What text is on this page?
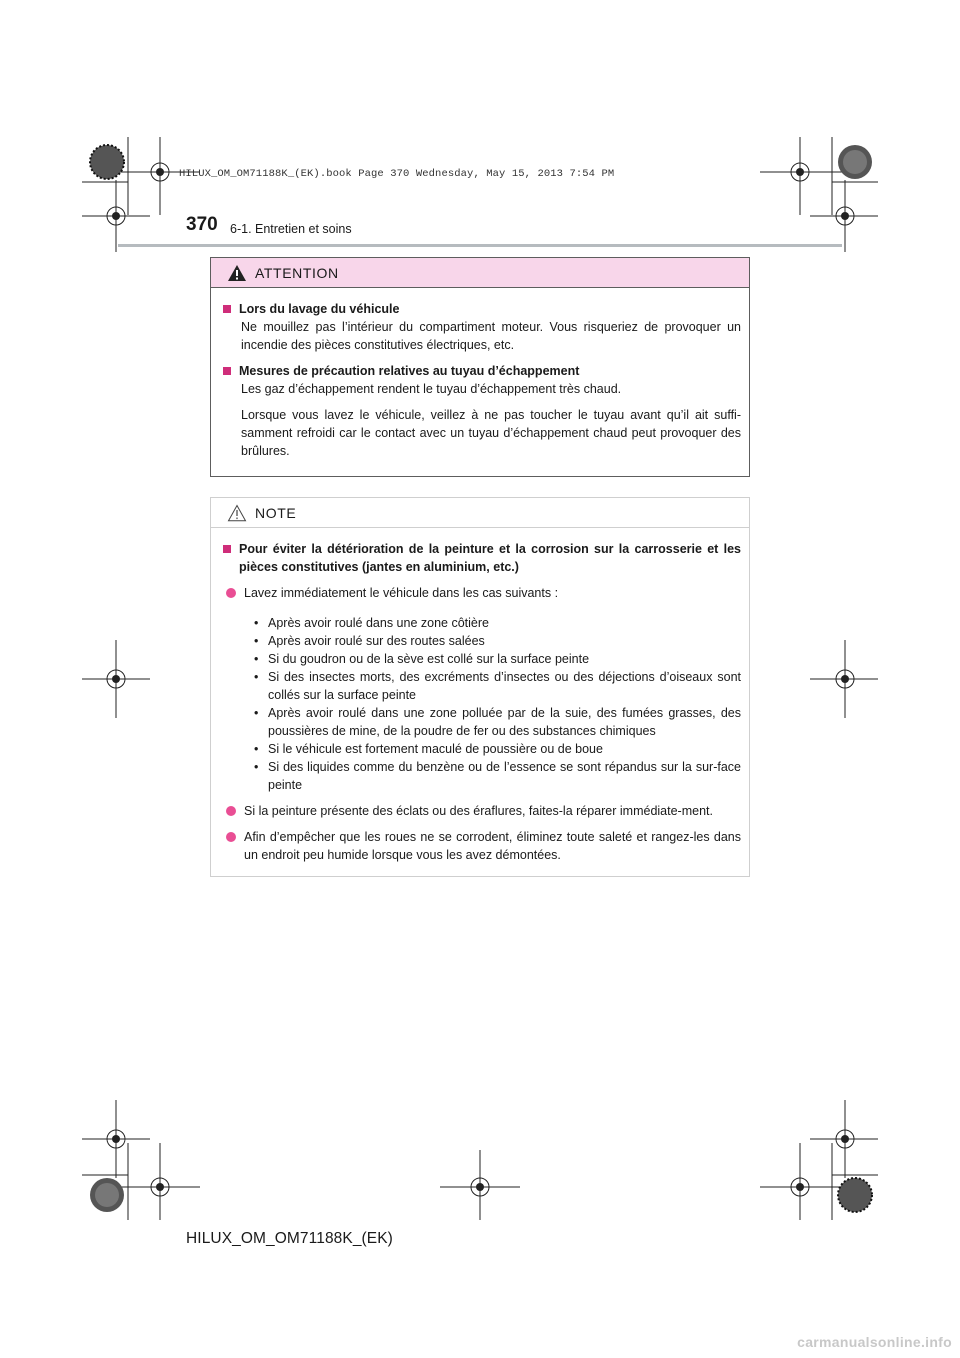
HILUX_OM_OM71188K_(EK).book Page 370 Wednesday, May 15, 2013 7:54 PM
370 6-1. Entretien et soins
ATTENTION
Lors du lavage du véhicule
Ne mouillez pas l’intérieur du compartiment moteur. Vous risqueriez de provoquer un incendie des pièces constitutives électriques, etc.
Mesures de précaution relatives au tuyau d’échappement
Les gaz d’échappement rendent le tuyau d’échappement très chaud.
Lorsque vous lavez le véhicule, veillez à ne pas toucher le tuyau avant qu’il ait suffi-samment refroidi car le contact avec un tuyau d’échappement chaud peut provoquer des brûlures.
NOTE
Pour éviter la détérioration de la peinture et la corrosion sur la carrosserie et les pièces constitutives (jantes en aluminium, etc.)
Lavez immédiatement le véhicule dans les cas suivants :
• Après avoir roulé dans une zone côtière
• Après avoir roulé sur des routes salées
• Si du goudron ou de la sève est collé sur la surface peinte
• Si des insectes morts, des excréments d’insectes ou des déjections d’oiseaux sont collés sur la surface peinte
• Après avoir roulé dans une zone polluée par de la suie, des fumées grasses, des poussières de mine, de la poudre de fer ou des substances chimiques
• Si le véhicule est fortement maculé de poussière ou de boue
• Si des liquides comme du benzène ou de l’essence se sont répandus sur la sur-face peinte
Si la peinture présente des éclats ou des éraflures, faites-la réparer immédiate-ment.
Afin d’empêcher que les roues ne se corrodent, éliminez toute saleté et rangez-les dans un endroit peu humide lorsque vous les avez démontées.
HILUX_OM_OM71188K_(EK)
carmanualsonline.info
